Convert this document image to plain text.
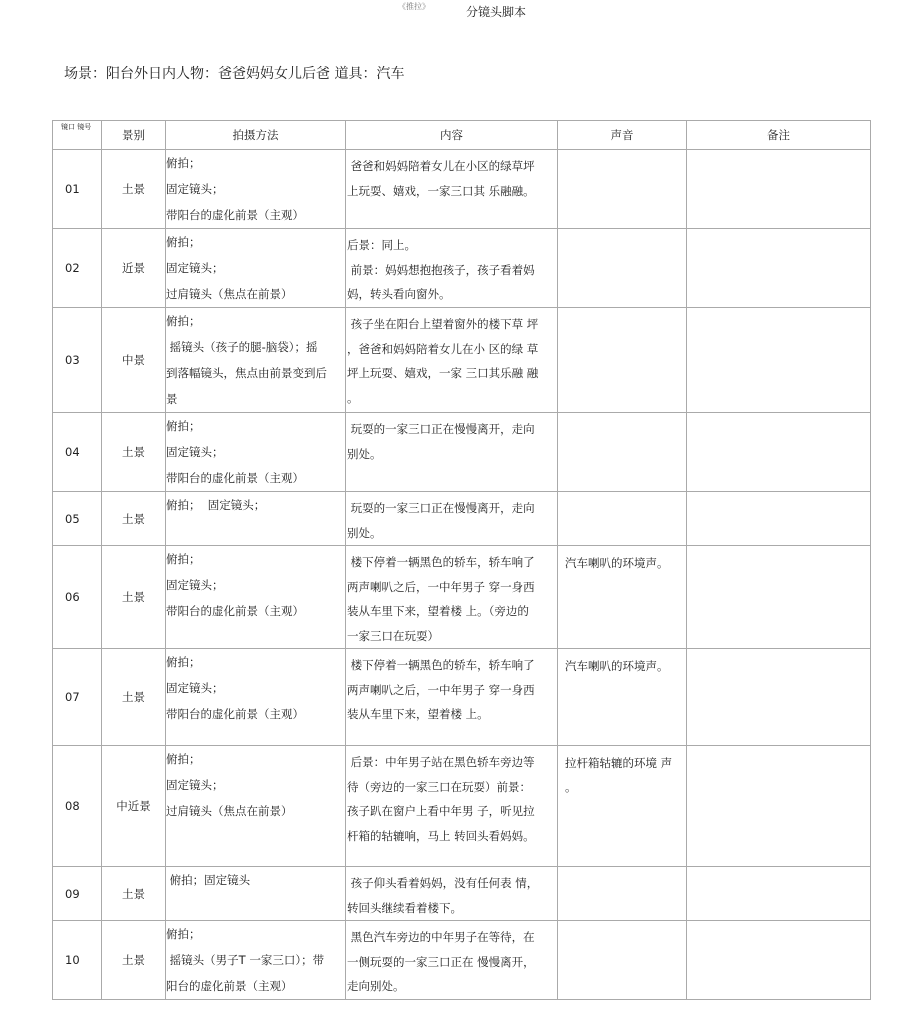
《推拉》	分镜头脚本
场景：阳台外日内人物：爸爸妈妈女儿后爸 道具：汽车
镜口 镜号	景别	拍摄方法	内容	声音	备注
01	土景	俯拍；
固定镜头；
带阳台的虚化前景（主观）	爸爸和妈妈陪着女儿在小区的绿草坪
上玩耍、嬉戏，一家三口其 乐融融。		

02	近景	俯拍；
固定镜头；
过肩镜头（焦点在前景）	后景：同上。
前景：妈妈想抱抱孩子，孩子看着妈
妈，转头看向窗外。		

03	中景	俯拍；
摇镜头（孩子的腿-脑袋）；摇
到落幅镜头，焦点由前景变到后
景	孩子坐在阳台上望着窗外的楼下草 坪
，爸爸和妈妈陪着女儿在小 区的绿 草
坪上玩耍、嬉戏，一家 三口其乐融 融
。		

04	土景	俯拍；
固定镜头；
带阳台的虚化前景（主观）	玩耍的一家三口正在慢慢离开，走向
别处。		

05	土景	俯拍；  固定镜头；	玩耍的一家三口正在慢慢离开，走向
别处。		

06	土景	俯拍；
固定镜头；
带阳台的虚化前景（主观）	楼下停着一辆黑色的轿车，轿车响了
两声喇叭之后，一中年男子 穿一身西
装从车里下来，望着楼 上。（旁边的
一家三口在玩耍）	汽车喇叭的环境声。	

07	土景	俯拍；
固定镜头；
带阳台的虚化前景（主观）	楼下停着一辆黑色的轿车，轿车响了
两声喇叭之后，一中年男子 穿一身西
装从车里下来，望着楼 上。	汽车喇叭的环境声。	

08	中近景	俯拍；
固定镜头；
过肩镜头（焦点在前景）	后景：中年男子站在黑色轿车旁边等
待（旁边的一家三口在玩耍）前景：
孩子趴在窗户上看中年男 子，听见拉
杆箱的轱辘响，马上 转回头看妈妈。	拉杆箱轱辘的环境 声
。	

09	土景	俯拍；固定镜头	孩子仰头看着妈妈，没有任何表 情，
转回头继续看着楼下。		

10	土景	俯拍；
摇镜头（男子T 一家三口）；带
阳台的虚化前景（主观）	黑色汽车旁边的中年男子在等待，在
一侧玩耍的一家三口正在 慢慢离开，
走向别处。		
